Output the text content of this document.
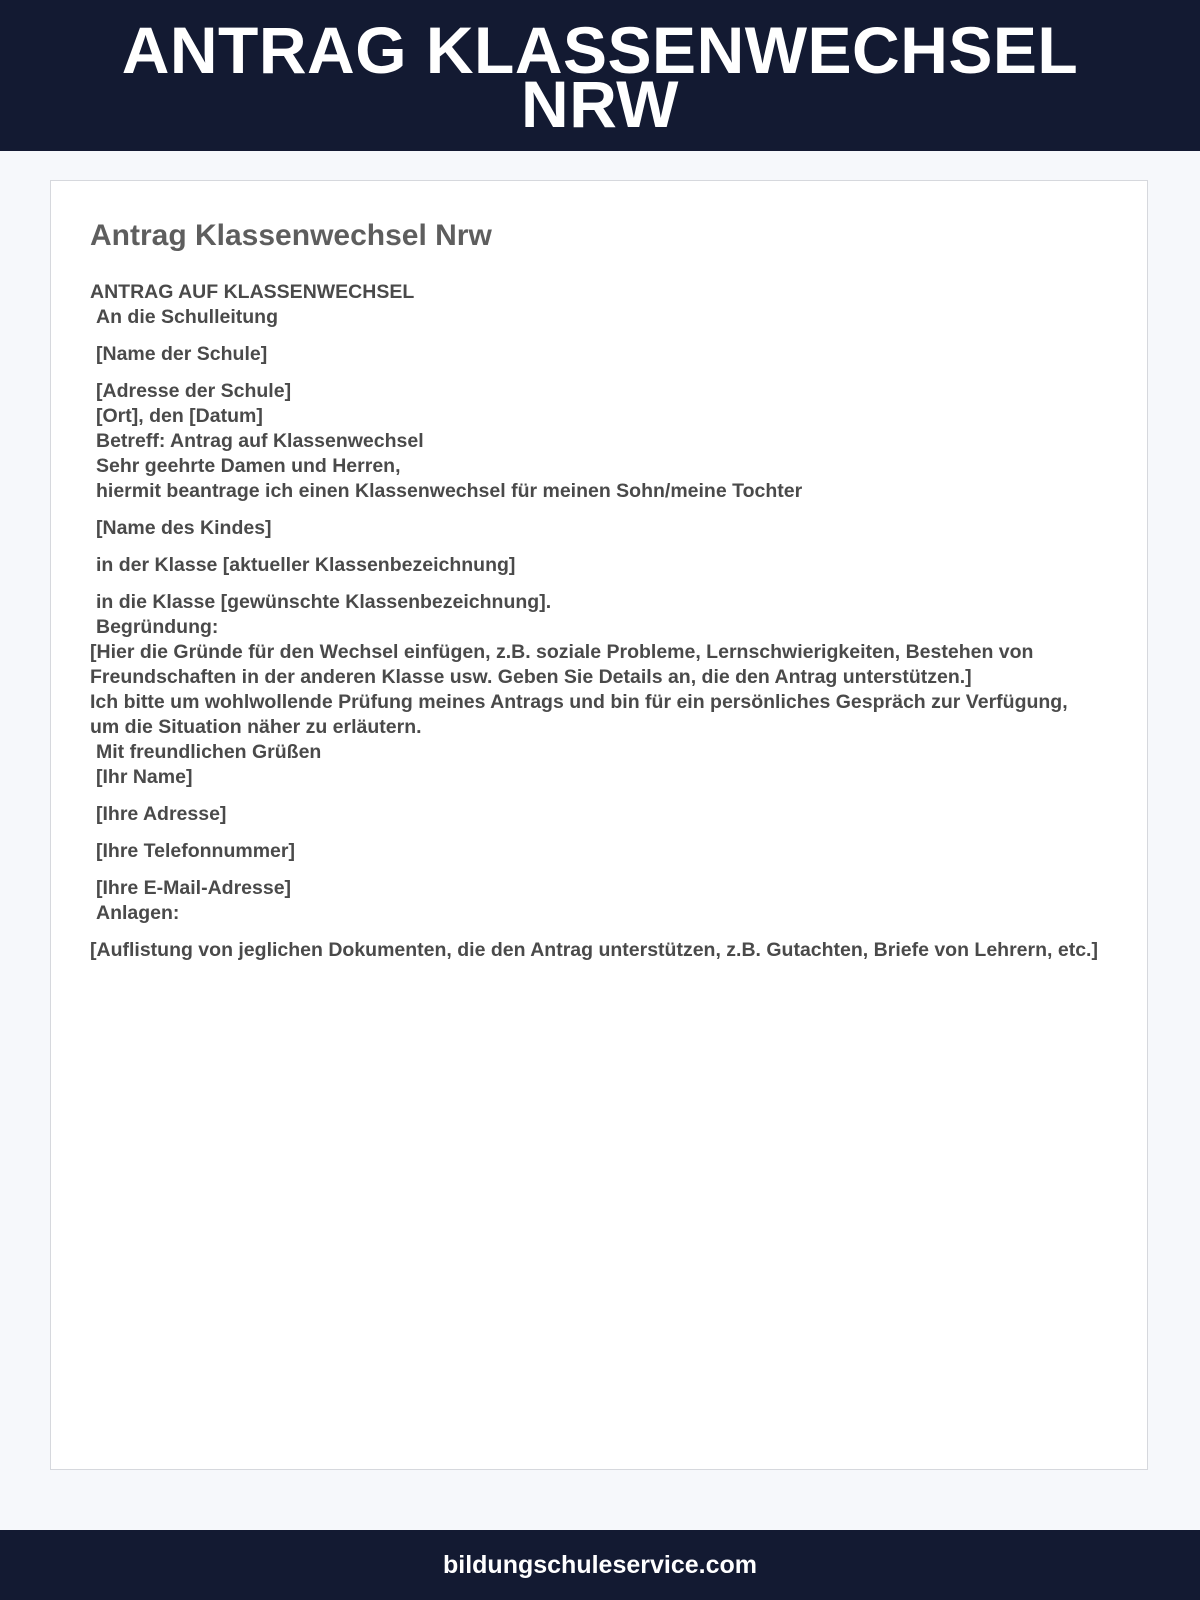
ANTRAG KLASSENWECHSEL NRW
Antrag Klassenwechsel Nrw
ANTRAG AUF KLASSENWECHSEL
An die Schulleitung
[Name der Schule]
[Adresse der Schule]
[Ort], den [Datum]
Betreff: Antrag auf Klassenwechsel
Sehr geehrte Damen und Herren,
hiermit beantrage ich einen Klassenwechsel für meinen Sohn/meine Tochter
[Name des Kindes]
in der Klasse [aktueller Klassenbezeichnung]
in die Klasse [gewünschte Klassenbezeichnung].
Begründung:
[Hier die Gründe für den Wechsel einfügen, z.B. soziale Probleme, Lernschwierigkeiten, Bestehen von Freundschaften in der anderen Klasse usw. Geben Sie Details an, die den Antrag unterstützen.]
Ich bitte um wohlwollende Prüfung meines Antrags und bin für ein persönliches Gespräch zur Verfügung, um die Situation näher zu erläutern.
Mit freundlichen Grüßen
[Ihr Name]
[Ihre Adresse]
[Ihre Telefonnummer]
[Ihre E-Mail-Adresse]
Anlagen:
[Auflistung von jeglichen Dokumenten, die den Antrag unterstützen, z.B. Gutachten, Briefe von Lehrern, etc.]
bildungschuleservice.com
